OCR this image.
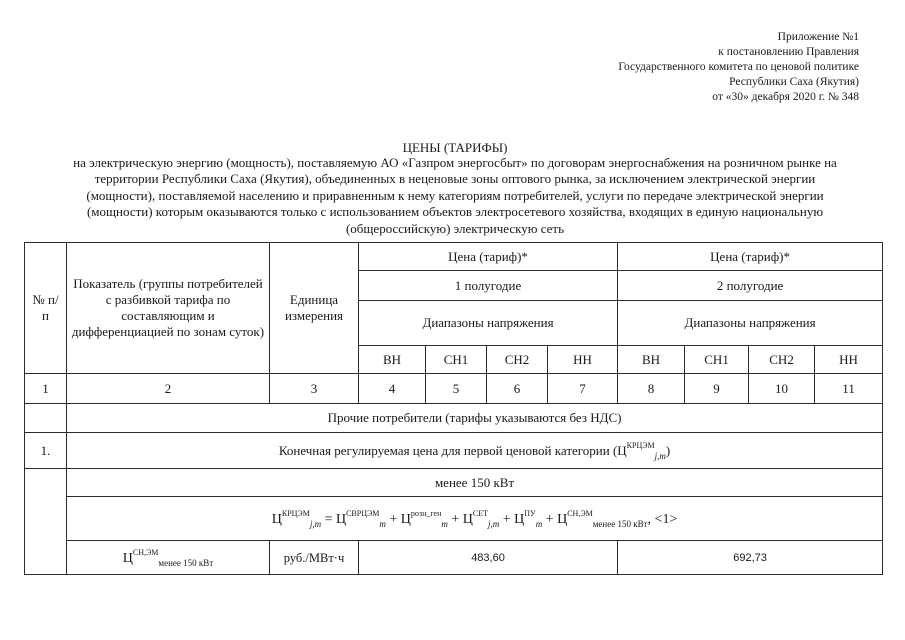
Приложение №1
к постановлению Правления
Государственного комитета по ценовой политике
Республики Саха (Якутия)
от «30» декабря 2020 г. № 348
ЦЕНЫ (ТАРИФЫ)
на электрическую энергию (мощность), поставляемую АО «Газпром энергосбыт» по договорам энергоснабжения на розничном рынке на территории Республики Саха (Якутия), объединенных в неценовые зоны оптового рынка, за исключением электрической энергии (мощности), поставляемой населению и приравненным к нему категориям потребителей, услуги по передаче электрической энергии (мощности) которым оказываются только с использованием объектов электросетевого хозяйства, входящих в единую национальную (общероссийскую) электрическую сеть
№ п/п	Показатель (группы потребителей с разбивкой тарифа по составляющим и дифференциацией по зонам суток)	Единица измерения	Цена (тариф)*				Цена (тариф)*			
			1 полугодие				2 полугодие			
			Диапазоны напряжения				Диапазоны напряжения			
			ВН	СН1	СН2	НН	ВН	СН1	СН2	НН
1	2	3	4	5	6	7	8	9	10	11
	Прочие потребители (тарифы указываются без НДС)									
1.	Конечная регулируемая цена для первой ценовой категории $(Ц^{КРЦЭМ}_{j,m})$									
	менее 150 кВт									
	$Ц^{КРЦЭМ}_{j,m} = Ц^{СВРЦЭМ}_m + Ц^{розн\_ген}_m + Ц^{СЕТ}_{j,m} + Ц^{ПУ}_m + Ц^{СН,ЭМ}_{менее 150 кВт}$, <1>									
	$Ц^{СН,ЭМ}_{менее 150 кВт}$	руб./МВт·ч	483,60				692,73			
